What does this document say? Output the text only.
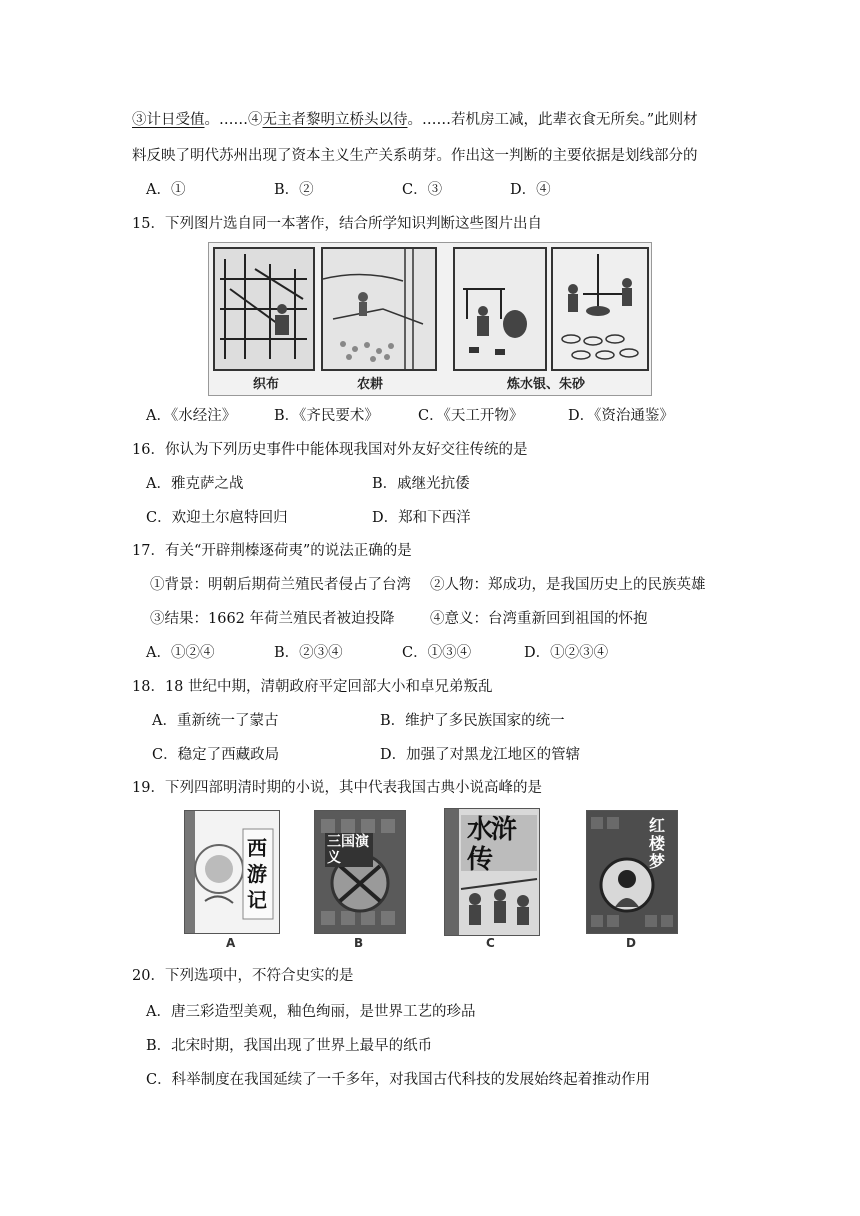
③计日受值。……④无主者黎明立桥头以待。……若机房工减，此辈衣食无所矣。”此则材
料反映了明代苏州出现了资本主义生产关系萌芽。作出这一判断的主要依据是划线部分的
A．①	B．②	C．③	D．④
15．下列图片选自同一本著作，结合所学知识判断这些图片出自
织布	农耕	炼水银、朱砂
A．《水经注》	B．《齐民要术》	C．《天工开物》	D．《资治通鉴》
16．你认为下列历史事件中能体现我国对外友好交往传统的是
A．雅克萨之战	B．戚继光抗倭
C．欢迎土尔扈特回归	D．郑和下西洋
17．有关“开辟荆榛逐荷夷”的说法正确的是
①背景：明朝后期荷兰殖民者侵占了台湾 ②人物：郑成功，是我国历史上的民族英雄
③结果：1662 年荷兰殖民者被迫投降 ④意义：台湾重新回到祖国的怀抱
A．①②④	B．②③④	C．①③④	D．①②③④
18．18 世纪中期，清朝政府平定回部大小和卓兄弟叛乱
A．重新统一了蒙古	B．维护了多民族国家的统一
C．稳定了西藏政局	D．加强了对黑龙江地区的管辖
19．下列四部明清时期的小说，其中代表我国古典小说高峰的是
西游记
A
三国演义
B
水浒传
C
红楼梦
D
20．下列选项中，不符合史实的是
A．唐三彩造型美观，釉色绚丽，是世界工艺的珍品
B．北宋时期，我国出现了世界上最早的纸币
C．科举制度在我国延续了一千多年，对我国古代科技的发展始终起着推动作用
